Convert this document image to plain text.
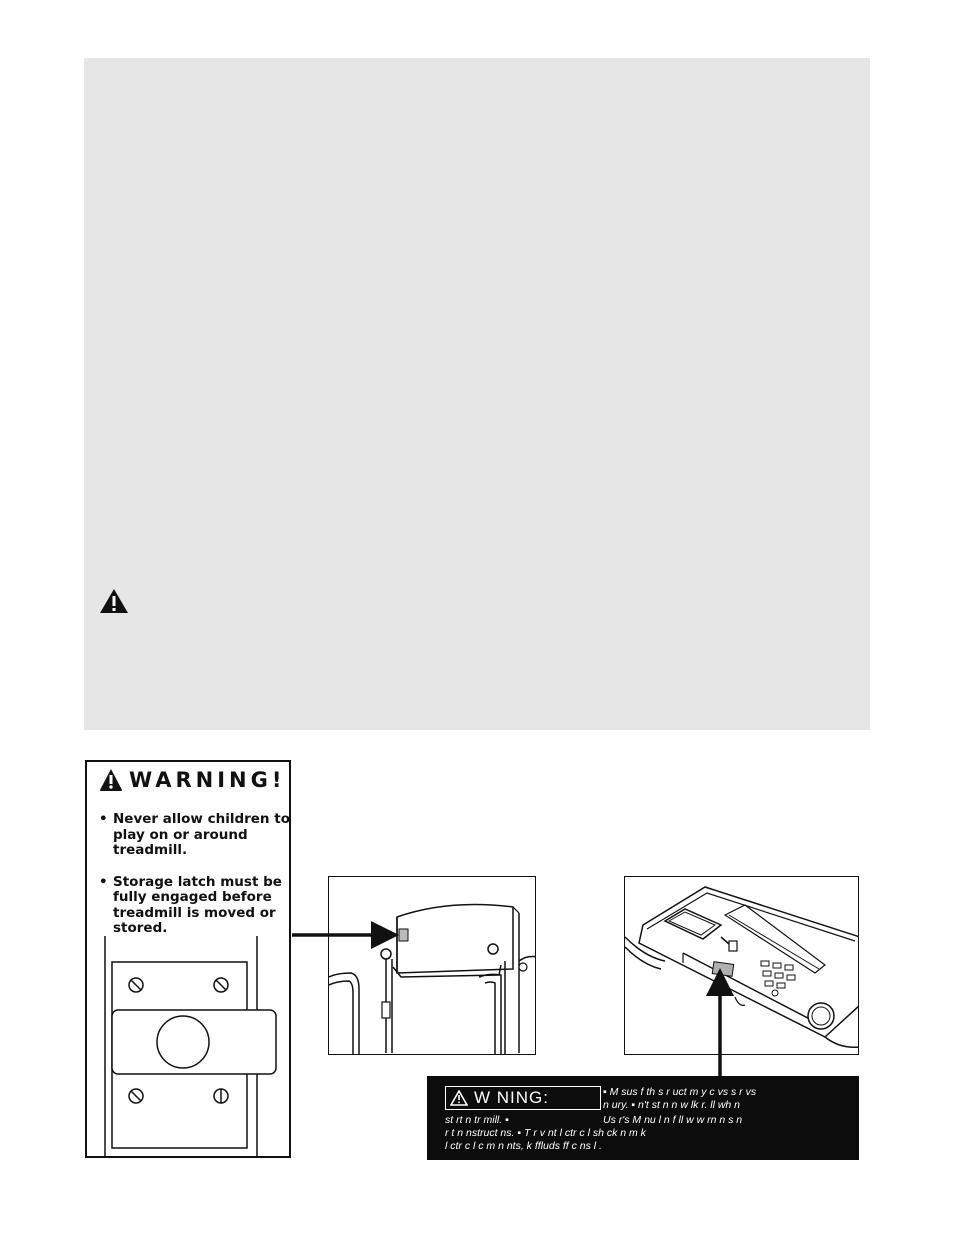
WARNING!
• Never allow children to play on or around treadmill.
• Storage latch must be fully engaged before treadmill is moved or stored.
W NING:	▪ M sus f th s r uct m y c vs s r vs
n ury. ▪ n't st n n w lk r. ll wh n
st rt n tr mill. ▪	Us r's M nu l n f ll w w rn n s n
r t n nstruct ns. ▪ T r v nt l ctr c l sh ck n m k
l ctr c l c m n nts, k ffluds ff c ns l .
